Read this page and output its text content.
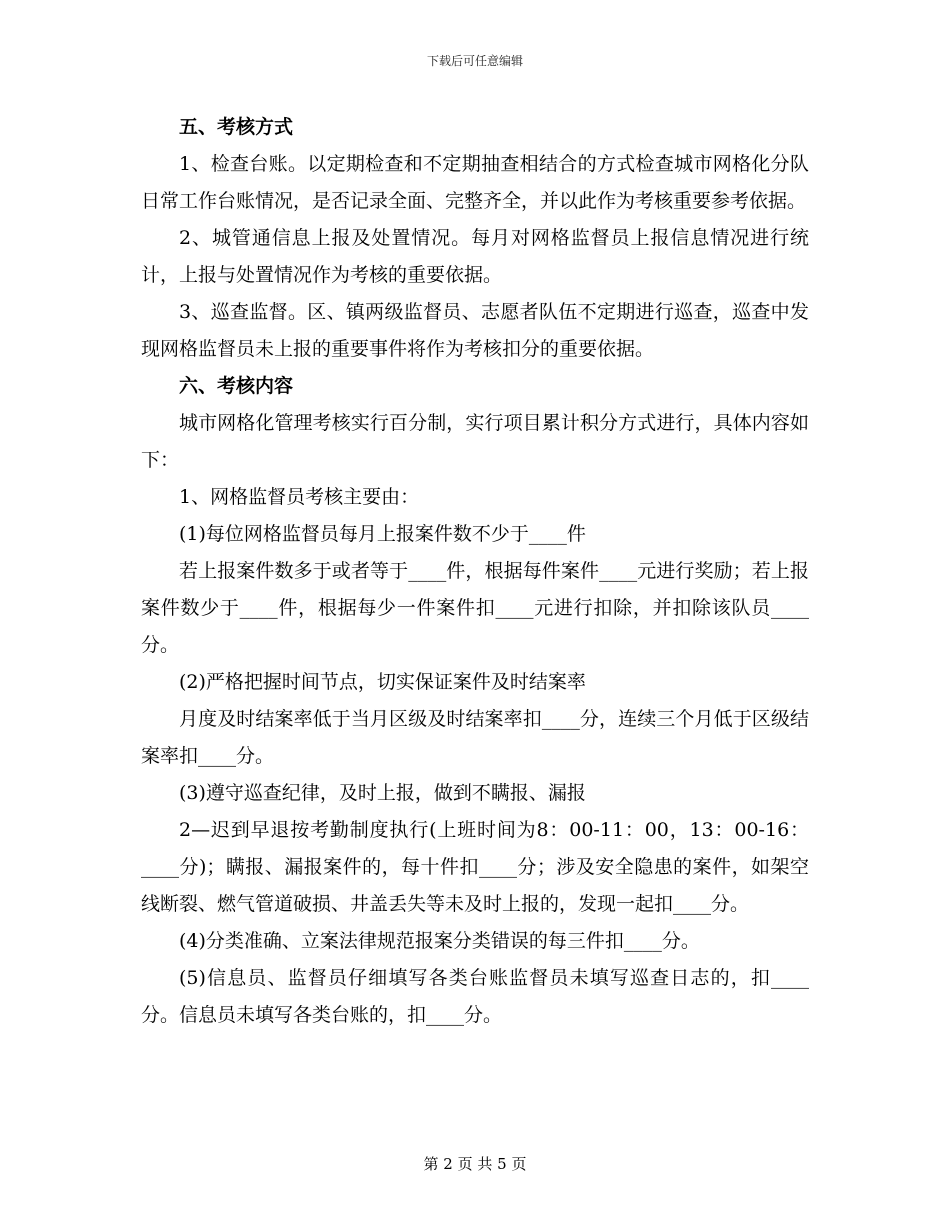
下载后可任意编辑

五、考核方式

1、检查台账。以定期检查和不定期抽查相结合的方式检查城市网格化分队日常工作台账情况，是否记录全面、完整齐全，并以此作为考核重要参考依据。

2、城管通信息上报及处置情况。每月对网格监督员上报信息情况进行统计，上报与处置情况作为考核的重要依据。

3、巡查监督。区、镇两级监督员、志愿者队伍不定期进行巡查，巡查中发现网格监督员未上报的重要事件将作为考核扣分的重要依据。

六、考核内容

城市网格化管理考核实行百分制，实行项目累计积分方式进行，具体内容如下：

1、网格监督员考核主要由：

(1)每位网格监督员每月上报案件数不少于____件

若上报案件数多于或者等于____件，根据每件案件____元进行奖励；若上报案件数少于____件，根据每少一件案件扣____元进行扣除，并扣除该队员____分。

(2)严格把握时间节点，切实保证案件及时结案率

月度及时结案率低于当月区级及时结案率扣____分，连续三个月低于区级结案率扣____分。

(3)遵守巡查纪律，及时上报，做到不瞒报、漏报

2—迟到早退按考勤制度执行(上班时间为8：00-11：00，13：00-16：____分)；瞒报、漏报案件的，每十件扣____分；涉及安全隐患的案件，如架空线断裂、燃气管道破损、井盖丢失等未及时上报的，发现一起扣____分。

(4)分类准确、立案法律规范报案分类错误的每三件扣____分。

(5)信息员、监督员仔细填写各类台账监督员未填写巡查日志的，扣____分。信息员未填写各类台账的，扣____分。

第 2 页 共 5 页
